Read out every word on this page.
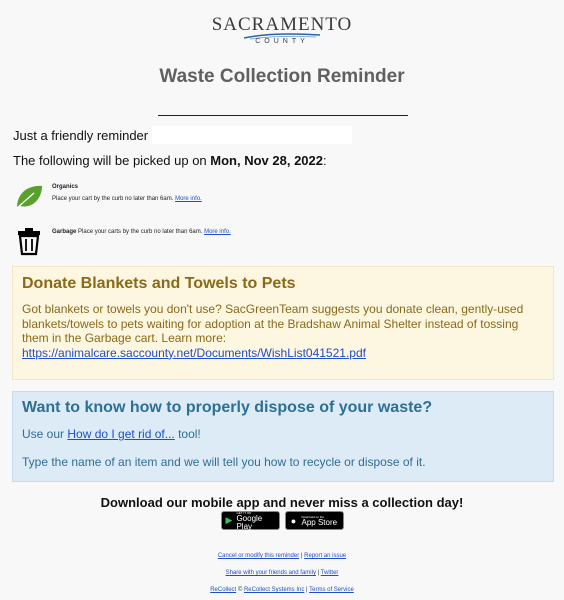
SACRAMENTO
COUNTY
Waste Collection Reminder
Just a friendly reminder
The following will be picked up on Mon, Nov 28, 2022:
Organics
Place your cart by the curb no later than 6am. More info.
Garbage Place your carts by the curb no later than 6am. More info.
Donate Blankets and Towels to Pets
Got blankets or towels you don't use? SacGreenTeam suggests you donate clean, gently-used blankets/towels to pets waiting for adoption at the Bradshaw Animal Shelter instead of tossing them in the Garbage cart. Learn more:
https://animalcare.saccounty.net/Documents/WishList041521.pdf
Want to know how to properly dispose of your waste?
Use our How do I get rid of... tool!
Type the name of an item and we will tell you how to recycle or dispose of it.
Download our mobile app and never miss a collection day!
▶
GET IT ON
Google Play
●	Download on the
App Store
Cancel or modify this reminder | Report an issue
Share with your friends and family | Twitter
ReCollect © ReCollect Systems Inc | Terms of Service
